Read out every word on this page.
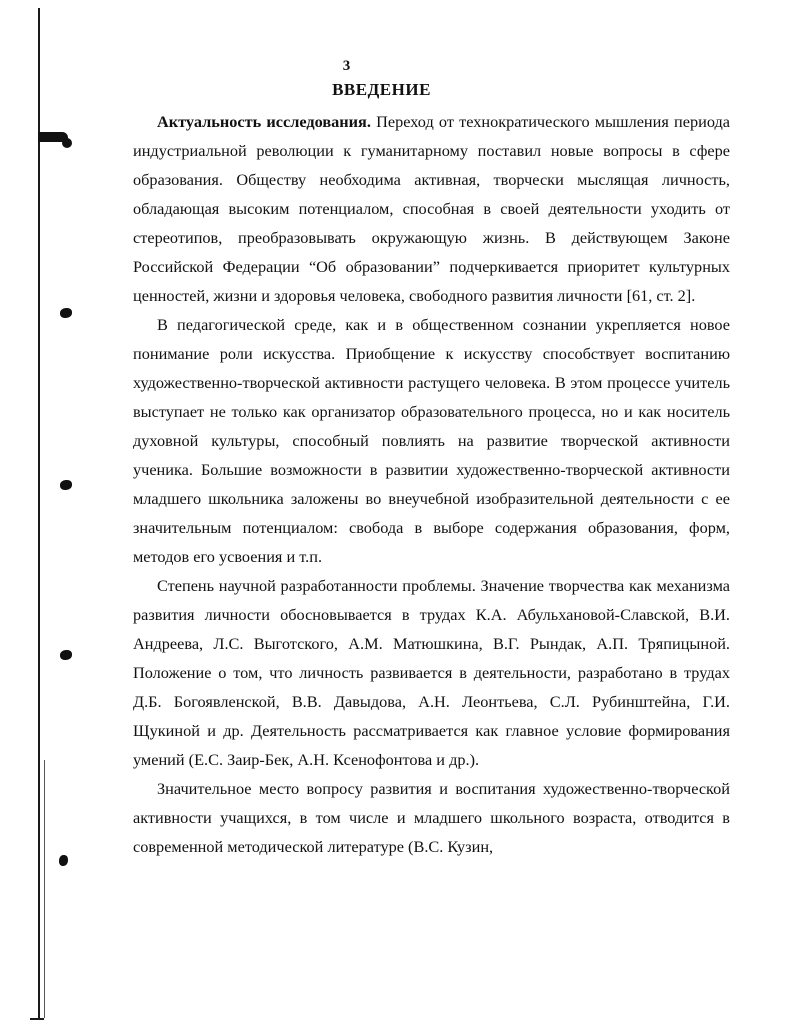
3
ВВЕДЕНИЕ

Актуальность исследования. Переход от технократического мышления периода индустриальной революции к гуманитарному поставил новые вопросы в сфере образования. Обществу необходима активная, творчески мыслящая личность, обладающая высоким потенциалом, способная в своей деятельности уходить от стереотипов, преобразовывать окружающую жизнь. В действующем Законе Российской Федерации “Об образовании” подчеркивается приоритет культурных ценностей, жизни и здоровья человека, свободного развития личности [61, ст. 2].

В педагогической среде, как и в общественном сознании укрепляется новое понимание роли искусства. Приобщение к искусству способствует воспитанию художественно-творческой активности растущего человека. В этом процессе учитель выступает не только как организатор образовательного процесса, но и как носитель духовной культуры, способный повлиять на развитие творческой активности ученика. Большие возможности в развитии художественно-творческой активности младшего школьника заложены во внеучебной изобразительной деятельности с ее значительным потенциалом: свобода в выборе содержания образования, форм, методов его усвоения и т.п.

Степень научной разработанности проблемы. Значение творчества как механизма развития личности обосновывается в трудах К.А. Абульхановой-Славской, В.И. Андреева, Л.С. Выготского, А.М. Матюшкина, В.Г. Рындак, А.П. Тряпицыной. Положение о том, что личность развивается в деятельности, разработано в трудах Д.Б. Богоявленской, В.В. Давыдова, А.Н. Леонтьева, С.Л. Рубинштейна, Г.И. Щукиной и др. Деятельность рассматривается как главное условие формирования умений (Е.С. Заир-Бек, А.Н. Ксенофонтова и др.).

Значительное место вопросу развития и воспитания художественно-творческой активности учащихся, в том числе и младшего школьного возраста, отводится в современной методической литературе (В.С. Кузин,
